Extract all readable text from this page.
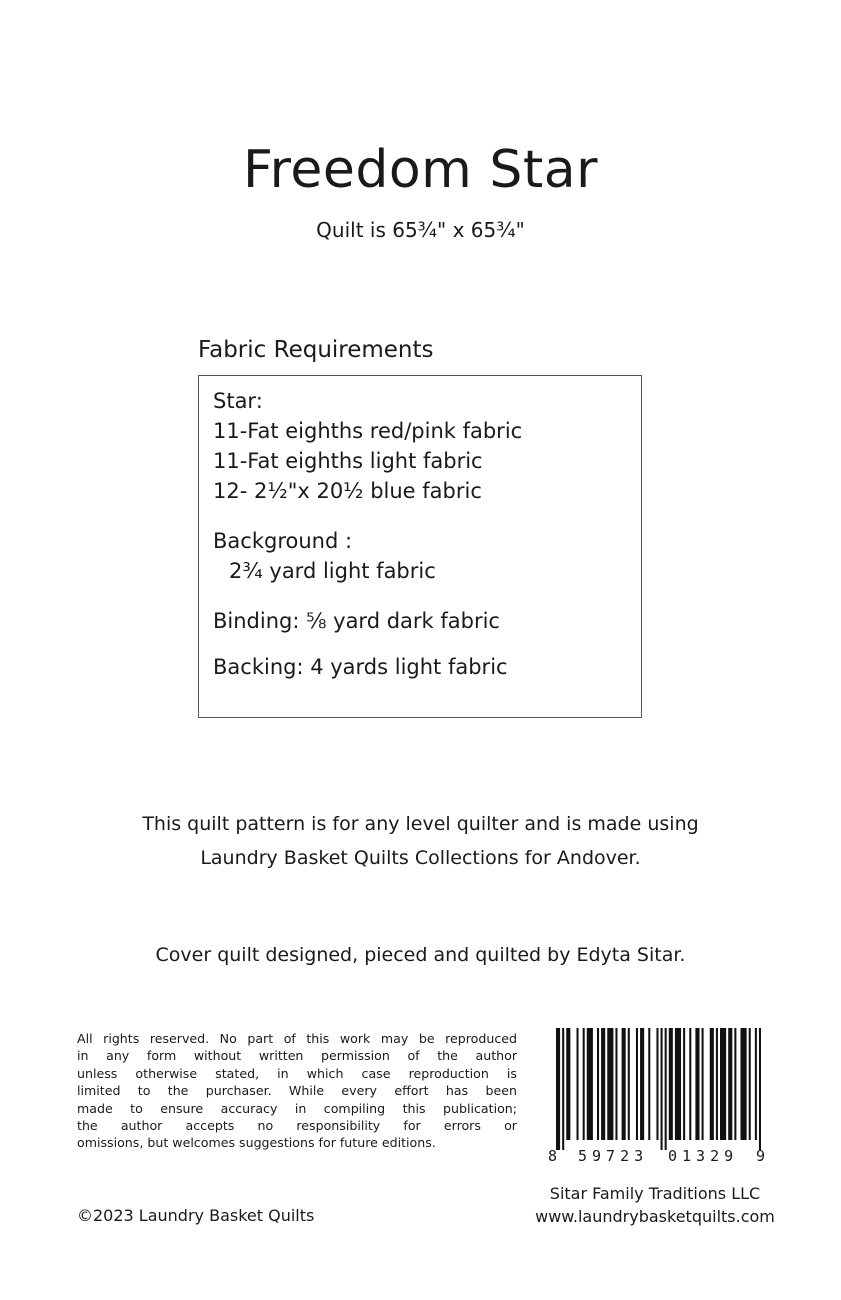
Freedom Star
Quilt is 65¾" x 65¾"
Fabric Requirements
Star:
11-Fat eighths red/pink fabric
11-Fat eighths light fabric
12- 2½"x 20½ blue fabric
Background :
2¾ yard light fabric
Binding: ⅝ yard dark fabric
Backing: 4 yards light fabric
This quilt pattern is for any level quilter and is made using
Laundry Basket Quilts Collections for Andover.
Cover quilt designed, pieced and quilted by Edyta Sitar.
All rights reserved. No part of this work may be reproduced
in any form without written permission of the author
unless otherwise stated, in which case reproduction is
limited to the purchaser. While every effort has been
made to ensure accuracy in compiling this publication;
the author accepts no responsibility for errors or
omissions, but welcomes suggestions for future editions.
©2023 Laundry Basket Quilts
8 59723 01329 9
Sitar Family Traditions LLC
www.laundrybasketquilts.com
